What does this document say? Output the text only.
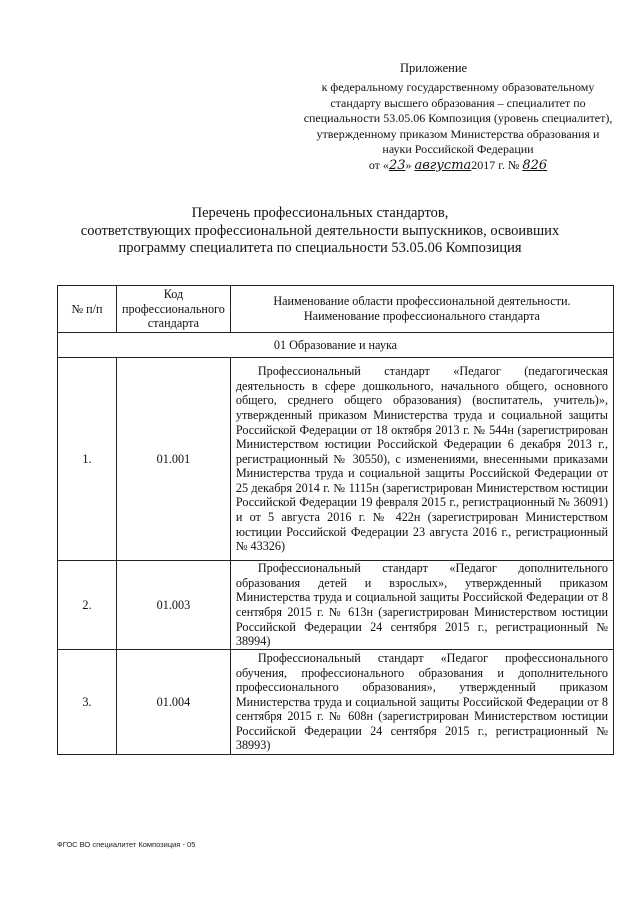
Приложение
к федеральному государственному образовательному стандарту высшего образования – специалитет по специальности 53.05.06 Композиция (уровень специалитет), утвержденному приказом Министерства образования и науки Российской Федерации
от «23» августа2017 г. № 826
Перечень профессиональных стандартов,
соответствующих профессиональной деятельности выпускников, освоивших
программу специалитета по специальности 53.05.06 Композиция
№ п/п	Код профессионального стандарта	Наименование области профессиональной деятельности. Наименование профессионального стандарта
01 Образование и наука		
1.	01.001	Профессиональный стандарт «Педагог (педагогическая деятельность в сфере дошкольного, начального общего, основного общего, среднего общего образования) (воспитатель, учитель)», утвержденный приказом Министерства труда и социальной защиты Российской Федерации от 18 октября 2013 г. № 544н (зарегистрирован Министерством юстиции Российской Федерации 6 декабря 2013 г., регистрационный № 30550), с изменениями, внесенными приказами Министерства труда и социальной защиты Российской Федерации от 25 декабря 2014 г. № 1115н (зарегистрирован Министерством юстиции Российской Федерации 19 февраля 2015 г., регистрационный № 36091) и от 5 августа 2016 г. № 422н (зарегистрирован Министерством юстиции Российской Федерации 23 августа 2016 г., регистрационный № 43326)
2.	01.003	Профессиональный стандарт «Педагог дополнительного образования детей и взрослых», утвержденный приказом Министерства труда и социальной защиты Российской Федерации от 8 сентября 2015 г. № 613н (зарегистрирован Министерством юстиции Российской Федерации 24 сентября 2015 г., регистрационный № 38994)
3.	01.004	Профессиональный стандарт «Педагог профессионального обучения, профессионального образования и дополнительного профессионального образования», утвержденный приказом Министерства труда и социальной защиты Российской Федерации от 8 сентября 2015 г. № 608н (зарегистрирован Министерством юстиции Российской Федерации 24 сентября 2015 г., регистрационный № 38993)
ФГОС ВО специалитет Композиция - 05
